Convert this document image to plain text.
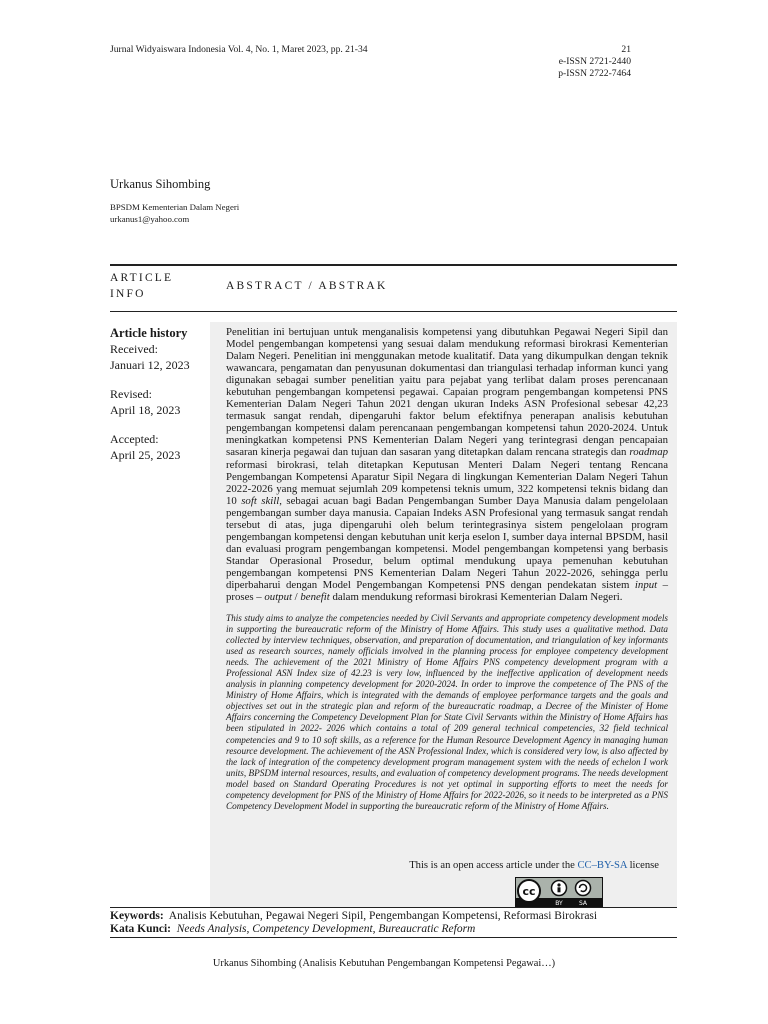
Jurnal Widyaiswara Indonesia Vol. 4, No. 1, Maret 2023, pp. 21-34	21
e-ISSN 2721-2440
p-ISSN 2722-7464
Urkanus Sihombing
BPSDM Kementerian Dalam Negeri
urkanus1@yahoo.com
ARTICLE INFO
ABSTRACT / ABSTRAK
Article history
Received:
Januari 12, 2023
Revised:
April 18, 2023
Accepted:
April 25, 2023
Penelitian ini bertujuan untuk menganalisis kompetensi yang dibutuhkan Pegawai Negeri Sipil dan Model pengembangan kompetensi yang sesuai dalam mendukung reformasi birokrasi Kementerian Dalam Negeri. Penelitian ini menggunakan metode kualitatif. Data yang dikumpulkan dengan teknik wawancara, pengamatan dan penyusunan dokumentasi dan triangulasi terhadap informan kunci yang digunakan sebagai sumber penelitian yaitu para pejabat yang terlibat dalam proses perencanaan kebutuhan pengembangan kompetensi pegawai. Capaian program pengembangan kompetensi PNS Kementerian Dalam Negeri Tahun 2021 dengan ukuran Indeks ASN Profesional sebesar 42,23 termasuk sangat rendah, dipengaruhi faktor belum efektifnya penerapan analisis kebutuhan pengembangan kompetensi dalam perencanaan pengembangan kompetensi tahun 2020-2024. Untuk meningkatkan kompetensi PNS Kementerian Dalam Negeri yang terintegrasi dengan pencapaian sasaran kinerja pegawai dan tujuan dan sasaran yang ditetapkan dalam rencana strategis dan roadmap reformasi birokrasi, telah ditetapkan Keputusan Menteri Dalam Negeri tentang Rencana Pengembangan Kompetensi Aparatur Sipil Negara di lingkungan Kementerian Dalam Negeri Tahun 2022-2026 yang memuat sejumlah 209 kompetensi teknis umum, 322 kompetensi teknis bidang dan 10 soft skill, sebagai acuan bagi Badan Pengembangan Sumber Daya Manusia dalam pengelolaan pengembangan sumber daya manusia. Capaian Indeks ASN Profesional yang termasuk sangat rendah tersebut di atas, juga dipengaruhi oleh belum terintegrasinya sistem pengelolaan program pengembangan kompetensi dengan kebutuhan unit kerja eselon I, sumber daya internal BPSDM, hasil dan evaluasi program pengembangan kompetensi. Model pengembangan kompetensi yang berbasis Standar Operasional Prosedur, belum optimal mendukung upaya pemenuhan kebutuhan pengembangan kompetensi PNS Kementerian Dalam Negeri Tahun 2022-2026, sehingga perlu diperbaharui dengan Model Pengembangan Kompetensi PNS dengan pendekatan sistem input – proses – output / benefit dalam mendukung reformasi birokrasi Kementerian Dalam Negeri.
This study aims to analyze the competencies needed by Civil Servants and appropriate competency development models in supporting the bureaucratic reform of the Ministry of Home Affairs. This study uses a qualitative method. Data collected by interview techniques, observation, and preparation of documentation, and triangulation of key informants used as research sources, namely officials involved in the planning process for employee competency development needs. The achievement of the 2021 Ministry of Home Affairs PNS competency development program with a Professional ASN Index size of 42.23 is very low, influenced by the ineffective application of development needs analysis in planning competency development for 2020-2024. In order to improve the competence of The PNS of the Ministry of Home Affairs, which is integrated with the demands of employee performance targets and the goals and objectives set out in the strategic plan and reform of the bureaucratic roadmap, a Decree of the Minister of Home Affairs concerning the Competency Development Plan for State Civil Servants within the Ministry of Home Affairs has been stipulated in 2022- 2026 which contains a total of 209 general technical competencies, 32 field technical competencies and 9 to 10 soft skills, as a reference for the Human Resource Development Agency in managing human resource development. The achievement of the ASN Professional Index, which is considered very low, is also affected by the lack of integration of the competency development program management system with the needs of echelon I work units, BPSDM internal resources, results, and evaluation of competency development programs. The needs development model based on Standard Operating Procedures is not yet optimal in supporting efforts to meet the needs for competency development for PNS of the Ministry of Home Affairs for 2022-2026, so it needs to be interpreted as a PNS Competency Development Model in supporting the bureaucratic reform of the Ministry of Home Affairs.
This is an open access article under the CC–BY-SA license
cc
BY	SA
Keywords: Analisis Kebutuhan, Pegawai Negeri Sipil, Pengembangan Kompetensi, Reformasi Birokrasi
Kata Kunci: Needs Analysis, Competency Development, Bureaucratic Reform
Urkanus Sihombing (Analisis Kebutuhan Pengembangan Kompetensi Pegawai…)
